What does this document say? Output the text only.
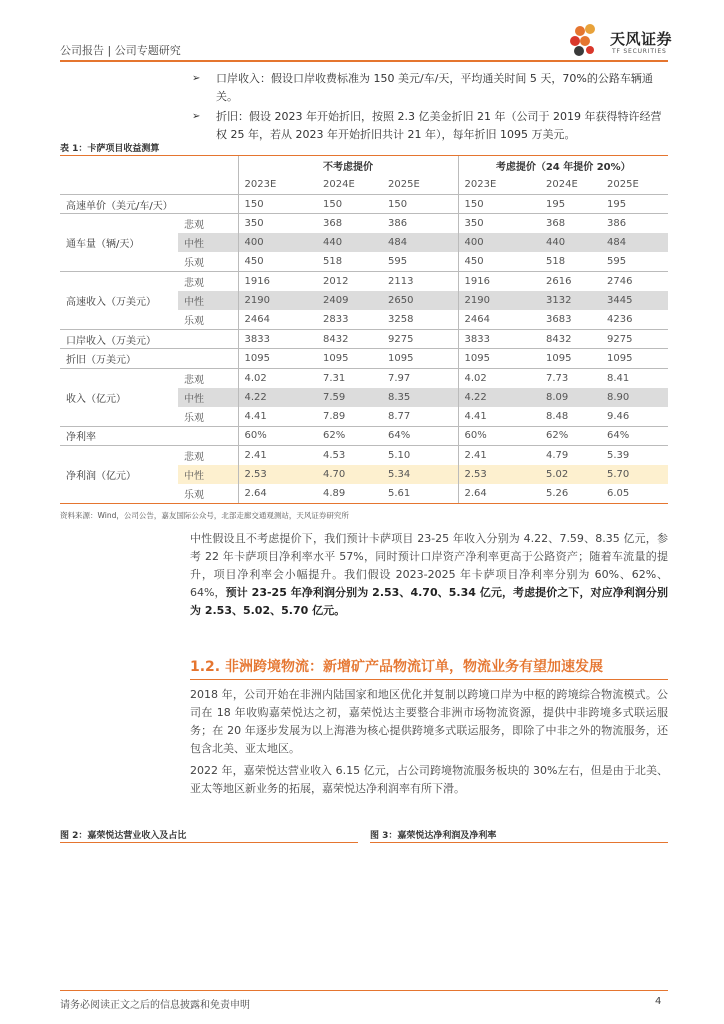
公司报告 | 公司专题研究
天风证券
TF SECURITIES
➢ 口岸收入：假设口岸收费标准为 150 美元/车/天，平均通关时间 5 天，70%的公路车辆通关。
➢ 折旧：假设 2023 年开始折旧，按照 2.3 亿美金折旧 21 年（公司于 2019 年获得特许经营权 25 年，若从 2023 年开始折旧共计 21 年），每年折旧 1095 万美元。
表 1：卡萨项目收益测算
		不考虑提价			考虑提价（24 年提价 20%）		
		2023E	2024E	2025E	2023E	2024E	2025E
高速单价（美元/车/天）		150	150	150	150	195	195
通车量（辆/天）	悲观	350	368	386	350	368	386
	中性	400	440	484	400	440	484
	乐观	450	518	595	450	518	595
高速收入（万美元）	悲观	1916	2012	2113	1916	2616	2746
	中性	2190	2409	2650	2190	3132	3445
	乐观	2464	2833	3258	2464	3683	4236
口岸收入（万美元）		3833	8432	9275	3833	8432	9275
折旧（万美元）		1095	1095	1095	1095	1095	1095
收入（亿元）	悲观	4.02	7.31	7.97	4.02	7.73	8.41
	中性	4.22	7.59	8.35	4.22	8.09	8.90
	乐观	4.41	7.89	8.77	4.41	8.48	9.46
净利率		60%	62%	64%	60%	62%	64%
净利润（亿元）	悲观	2.41	4.53	5.10	2.41	4.79	5.39
	中性	2.53	4.70	5.34	2.53	5.02	5.70
	乐观	2.64	4.89	5.61	2.64	5.26	6.05
资料来源：Wind，公司公告，嘉友国际公众号，北部走廊交通观测站，天风证券研究所
中性假设且不考虑提价下，我们预计卡萨项目 23-25 年收入分别为 4.22、7.59、8.35 亿元，参考 22 年卡萨项目净利率水平 57%，同时预计口岸资产净利率更高于公路资产；随着车流量的提升，项目净利率会小幅提升。我们假设 2023-2025 年卡萨项目净利率分别为 60%、62%、64%，预计 23-25 年净利润分别为 2.53、4.70、5.34 亿元，考虑提价之下，对应净利润分别为 2.53、5.02、5.70 亿元。
1.2. 非洲跨境物流：新增矿产品物流订单，物流业务有望加速发展
2018 年，公司开始在非洲内陆国家和地区优化并复制以跨境口岸为中枢的跨境综合物流模式。公司在 18 年收购嘉荣悦达之初，嘉荣悦达主要整合非洲市场物流资源，提供中非跨境多式联运服务；在 20 年逐步发展为以上海港为核心提供跨境多式联运服务，即除了中非之外的物流服务，还包含北美、亚太地区。
2022 年，嘉荣悦达营业收入 6.15 亿元，占公司跨境物流服务板块的 30%左右，但是由于北美、亚太等地区新业务的拓展，嘉荣悦达净利润率有所下滑。
图 2：嘉荣悦达营业收入及占比	图 3：嘉荣悦达净利润及净利率
请务必阅读正文之后的信息披露和免责申明	4
